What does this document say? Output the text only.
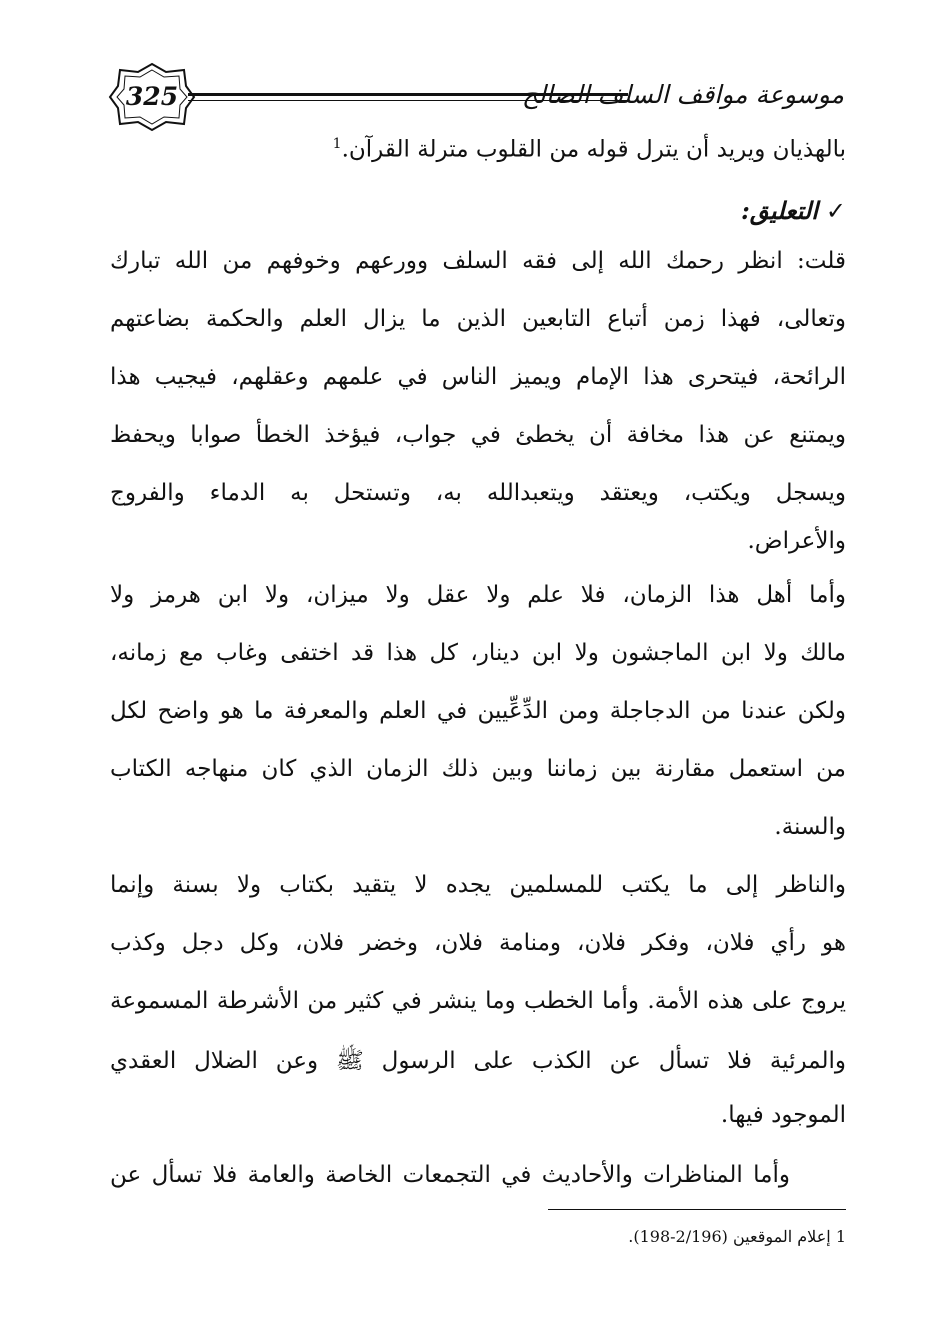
325	موسوعة مواقف السلف الصالح
بالهذيان ويريد أن يترل قوله من القلوب مترلة القرآن.$^1$
✓التعليق:
قلت: انظر رحمك الله إلى فقه السلف وورعهم وخوفهم من الله تبارك
وتعالى، فهذا زمن أتباع التابعين الذين ما يزال العلم والحكمة بضاعتهم
الرائحة، فيتحرى هذا الإمام ويميز الناس في علمهم وعقلهم، فيجيب هذا
ويمتنع عن هذا مخافة أن يخطئ في جواب، فيؤخذ الخطأ صوابا ويحفظ
ويسجل ويكتب، ويعتقد ويتعبدالله به، وتستحل به الدماء والفروج
والأعراض.
وأما أهل هذا الزمان، فلا علم ولا عقل ولا ميزان، ولا ابن هرمز ولا
مالك ولا ابن الماجشون ولا ابن دينار، كل هذا قد اختفى وغاب مع زمانه،
ولكن عندنا من الدجاجلة ومن الدِّعِّيين في العلم والمعرفة ما هو واضح لكل
من استعمل مقارنة بين زماننا وبين ذلك الزمان الذي كان منهاجه الكتاب
والسنة.
والناظر إلى ما يكتب للمسلمين يجده لا يتقيد بكتاب ولا بسنة وإنما
هو رأي فلان، وفكر فلان، ومنامة فلان، وخضر فلان، وكل دجل وكذب
يروج على هذه الأمة. وأما الخطب وما ينشر في كثير من الأشرطة المسموعة
والمرئية فلا تسأل عن الكذب على الرسول ﷺ وعن الضلال العقدي
الموجود فيها.
وأما المناظرات والأحاديث في التجمعات الخاصة والعامة فلا تسأل عن
1 إعلام الموقعين (2/196-198).
